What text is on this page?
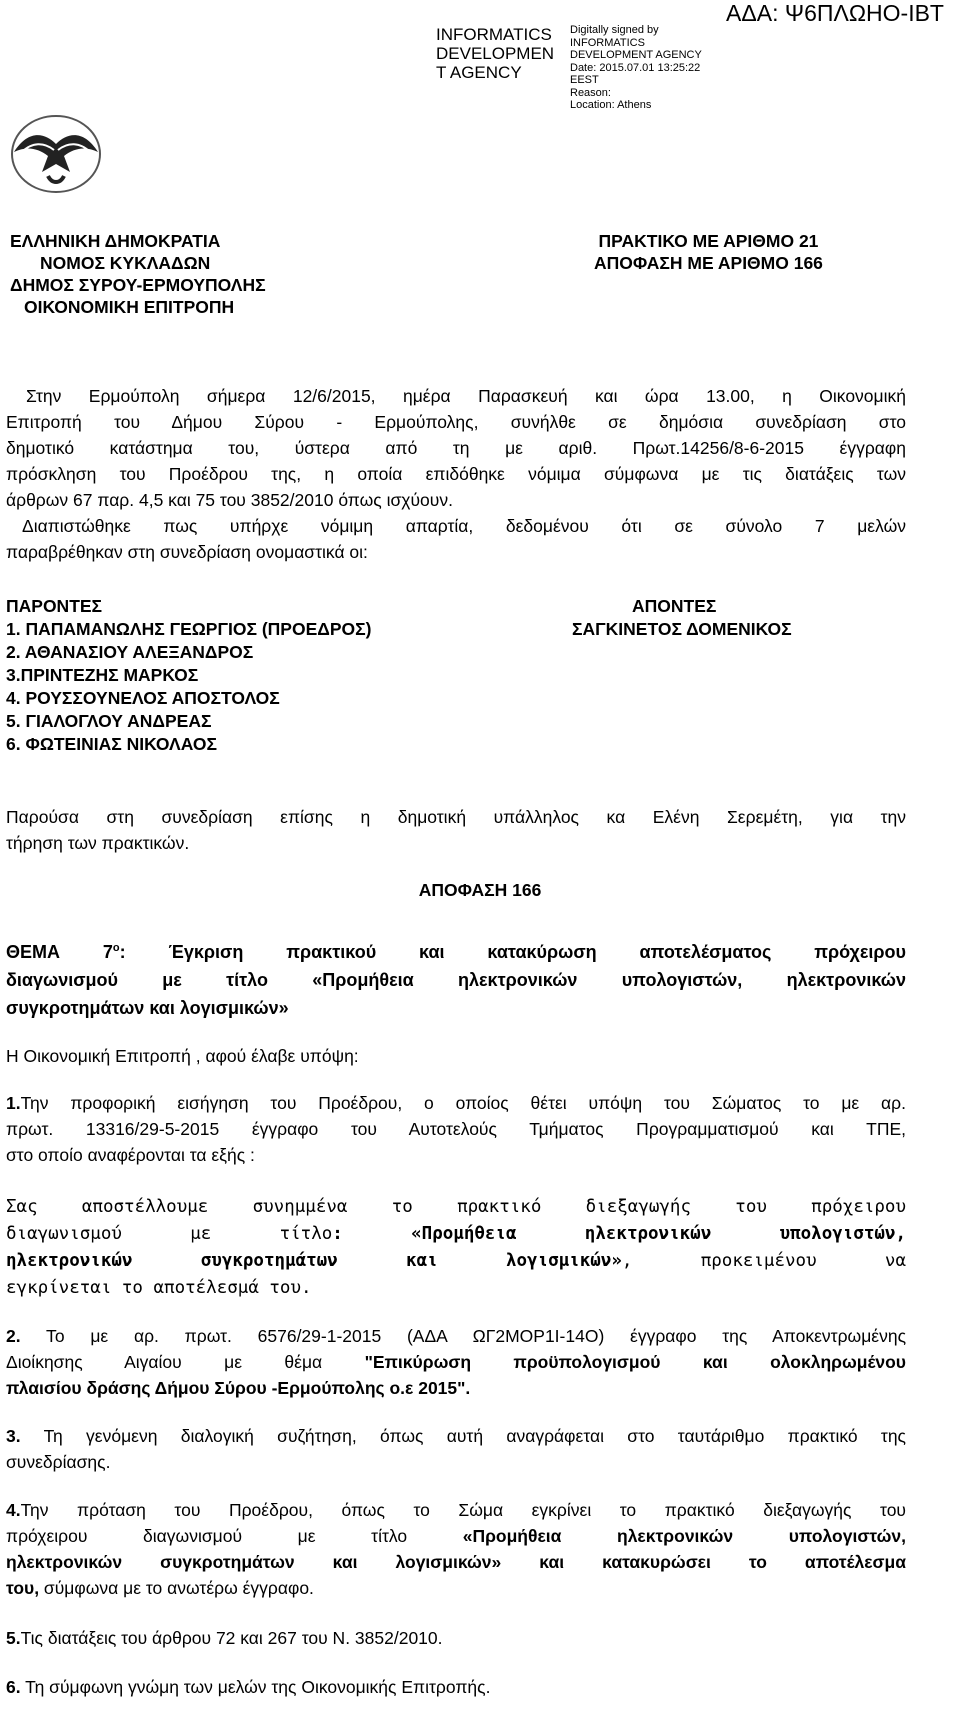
INFORMATICS DEVELOPMEN T AGENCY
Digitally signed by INFORMATICS DEVELOPMENT AGENCY
Date: 2015.07.01 13:25:22 EEST
Reason:
Location: Athens
ΑΔΑ: Ψ6ΠΛΩΗΟ-ΙΒΤ
ΕΛΛΗΝΙΚΗ ΔΗΜΟΚΡΑΤΙΑ
ΝΟΜΟΣ ΚΥΚΛΑΔΩΝ
ΔΗΜΟΣ ΣΥΡΟΥ-ΕΡΜΟΥΠΟΛΗΣ
ΟΙΚΟΝΟΜΙΚΗ ΕΠΙΤΡΟΠΗ
ΠΡΑΚΤΙΚΟ ΜΕ ΑΡΙΘΜΟ 21
ΑΠΟΦΑΣΗ ΜΕ ΑΡΙΘΜΟ 166
Στην Ερμούπολη σήμερα 12/6/2015, ημέρα Παρασκευή και ώρα 13.00, η Οικονομική
Επιτροπή του Δήμου Σύρου - Ερμούπολης, συνήλθε σε δημόσια συνεδρίαση στο
δημοτικό κατάστημα του, ύστερα από τη με αριθ. Πρωτ.14256/8-6-2015 έγγραφη
πρόσκληση του Προέδρου της, η οποία επιδόθηκε νόμιμα σύμφωνα με τις διατάξεις των
άρθρων 67 παρ. 4,5 και 75 του 3852/2010 όπως ισχύουν.
Διαπιστώθηκε πως υπήρχε νόμιμη απαρτία, δεδομένου ότι σε σύνολο 7 μελών
παραβρέθηκαν στη συνεδρίαση ονομαστικά οι:
ΠΑΡΟΝΤΕΣ
1. ΠΑΠΑΜΑΝΩΛΗΣ ΓΕΩΡΓΙΟΣ (ΠΡΟΕΔΡΟΣ)
2. ΑΘΑΝΑΣΙΟΥ ΑΛΕΞΑΝΔΡΟΣ
3.ΠΡΙΝΤΕΖΗΣ ΜΑΡΚΟΣ
4. ΡΟΥΣΣΟΥΝΕΛΟΣ ΑΠΟΣΤΟΛΟΣ
5. ΓΙΑΛΟΓΛΟΥ ΑΝΔΡΕΑΣ
6. ΦΩΤΕΙΝΙΑΣ ΝΙΚΟΛΑΟΣ
ΑΠΟΝΤΕΣ
ΣΑΓΚΙΝΕΤΟΣ ΔΟΜΕΝΙΚΟΣ
Παρούσα στη συνεδρίαση επίσης η δημοτική υπάλληλος κα Ελένη Σερεμέτη, για την
τήρηση των πρακτικών.
ΑΠΟΦΑΣΗ 166
ΘΕΜΑ $7^o$: Έγκριση πρακτικού και κατακύρωση αποτελέσματος πρόχειρου
διαγωνισμού με τίτλο «Προμήθεια ηλεκτρονικών υπολογιστών, ηλεκτρονικών
συγκροτημάτων και λογισμικών»
Η Οικονομική Επιτροπή , αφού έλαβε υπόψη:
1.Την προφορική εισήγηση του Προέδρου, ο οποίος θέτει υπόψη του Σώματος το με αρ.
πρωτ. 13316/29-5-2015 έγγραφο του Αυτοτελούς Τμήματος Προγραμματισμού και ΤΠΕ,
στο οποίο αναφέρονται τα εξής :
Σας αποστέλλουμε συνημμένα το πρακτικό διεξαγωγής του πρόχειρου
διαγωνισμού με τίτλο: «Προμήθεια ηλεκτρονικών υπολογιστών,
ηλεκτρονικών συγκροτημάτων και λογισμικών», προκειμένου να
εγκρίνεται το αποτέλεσμά του.
2. Το με αρ. πρωτ. 6576/29-1-2015 (ΑΔΑ ΩΓ2ΜΟΡ1Ι-14Ο) έγγραφο της Αποκεντρωμένης
Διοίκησης Αιγαίου με θέμα "Επικύρωση προϋπολογισμού και ολοκληρωμένου
πλαισίου δράσης Δήμου Σύρου -Ερμούπολης ο.ε 2015".
3. Τη γενόμενη διαλογική συζήτηση, όπως αυτή αναγράφεται στο ταυτάριθμο πρακτικό της
συνεδρίασης.
4.Την πρόταση του Προέδρου, όπως το Σώμα εγκρίνει το πρακτικό διεξαγωγής του
πρόχειρου διαγωνισμού με τίτλο «Προμήθεια ηλεκτρονικών υπολογιστών,
ηλεκτρονικών συγκροτημάτων και λογισμικών» και κατακυρώσει το αποτέλεσμα
του, σύμφωνα με το ανωτέρω έγγραφο.
5.Τις διατάξεις του άρθρου 72 και 267 του Ν. 3852/2010.
6. Τη σύμφωνη γνώμη των μελών της Οικονομικής Επιτροπής.
